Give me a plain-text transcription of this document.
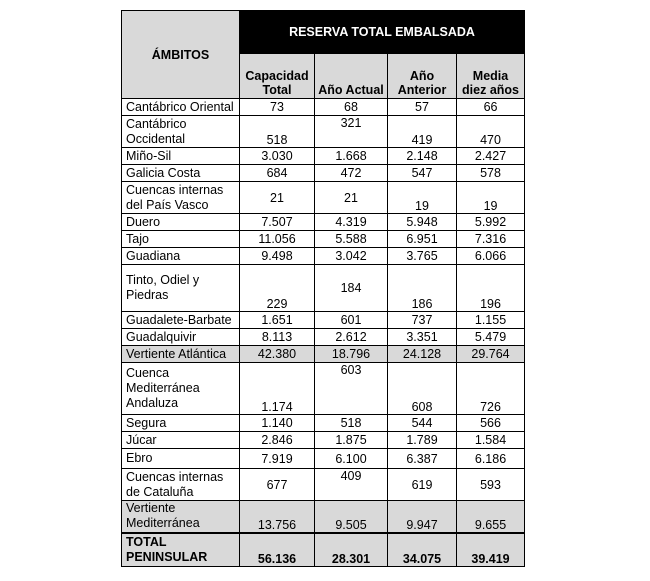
ÁMBITOS	RESERVA TOTAL EMBALSADA			
	Capacidad Total	Año Actual	Año Anterior	Media diez años
Cantábrico Oriental	73	68	57	66
Cantábrico Occidental	518	321	419	470
Miño-Sil	3.030	1.668	2.148	2.427
Galicia Costa	684	472	547	578
Cuencas internas del País Vasco	21	21	19	19
Duero	7.507	4.319	5.948	5.992
Tajo	11.056	5.588	6.951	7.316
Guadiana	9.498	3.042	3.765	6.066
Tinto, Odiel y Piedras	229	184	186	196
Guadalete-Barbate	1.651	601	737	1.155
Guadalquivir	8.113	2.612	3.351	5.479
Vertiente Atlántica	42.380	18.796	24.128	29.764
Cuenca Mediterránea Andaluza	1.174	603	608	726
Segura	1.140	518	544	566
Júcar	2.846	1.875	1.789	1.584
Ebro	7.919	6.100	6.387	6.186
Cuencas internas de Cataluña	677	409	619	593
Vertiente Mediterránea	13.756	9.505	9.947	9.655
TOTAL PENINSULAR	56.136	28.301	34.075	39.419
